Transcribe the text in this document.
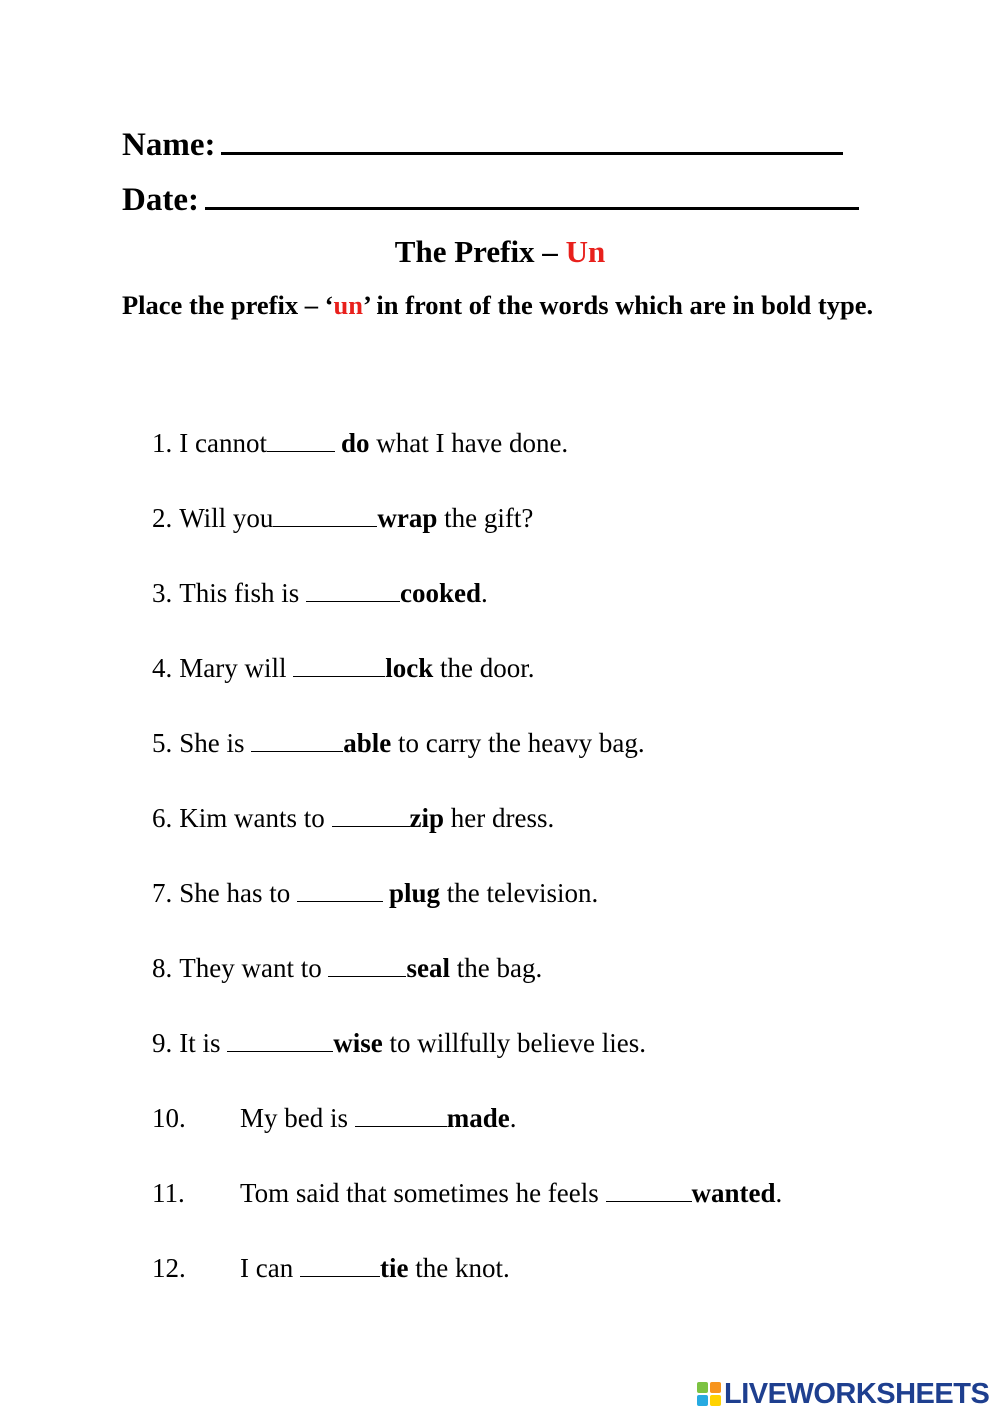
Name:
Date:
The Prefix – Un
Place the prefix – ‘un’ in front of the words which are in bold type.
1. I cannot	do what I have done.
2. Will you	wrap the gift?
3. This fish is	cooked.
4. Mary will	lock the door.
5. She is	able to carry the heavy bag.
6. Kim wants to	zip her dress.
7. She has to	plug the television.
8. They want to	seal the bag.
9. It is	wise to willfully believe lies.
10. My bed is	made.
11. Tom said that sometimes he feels	wanted.
12. I can	tie the knot.
LIVEWORKSHEETS
